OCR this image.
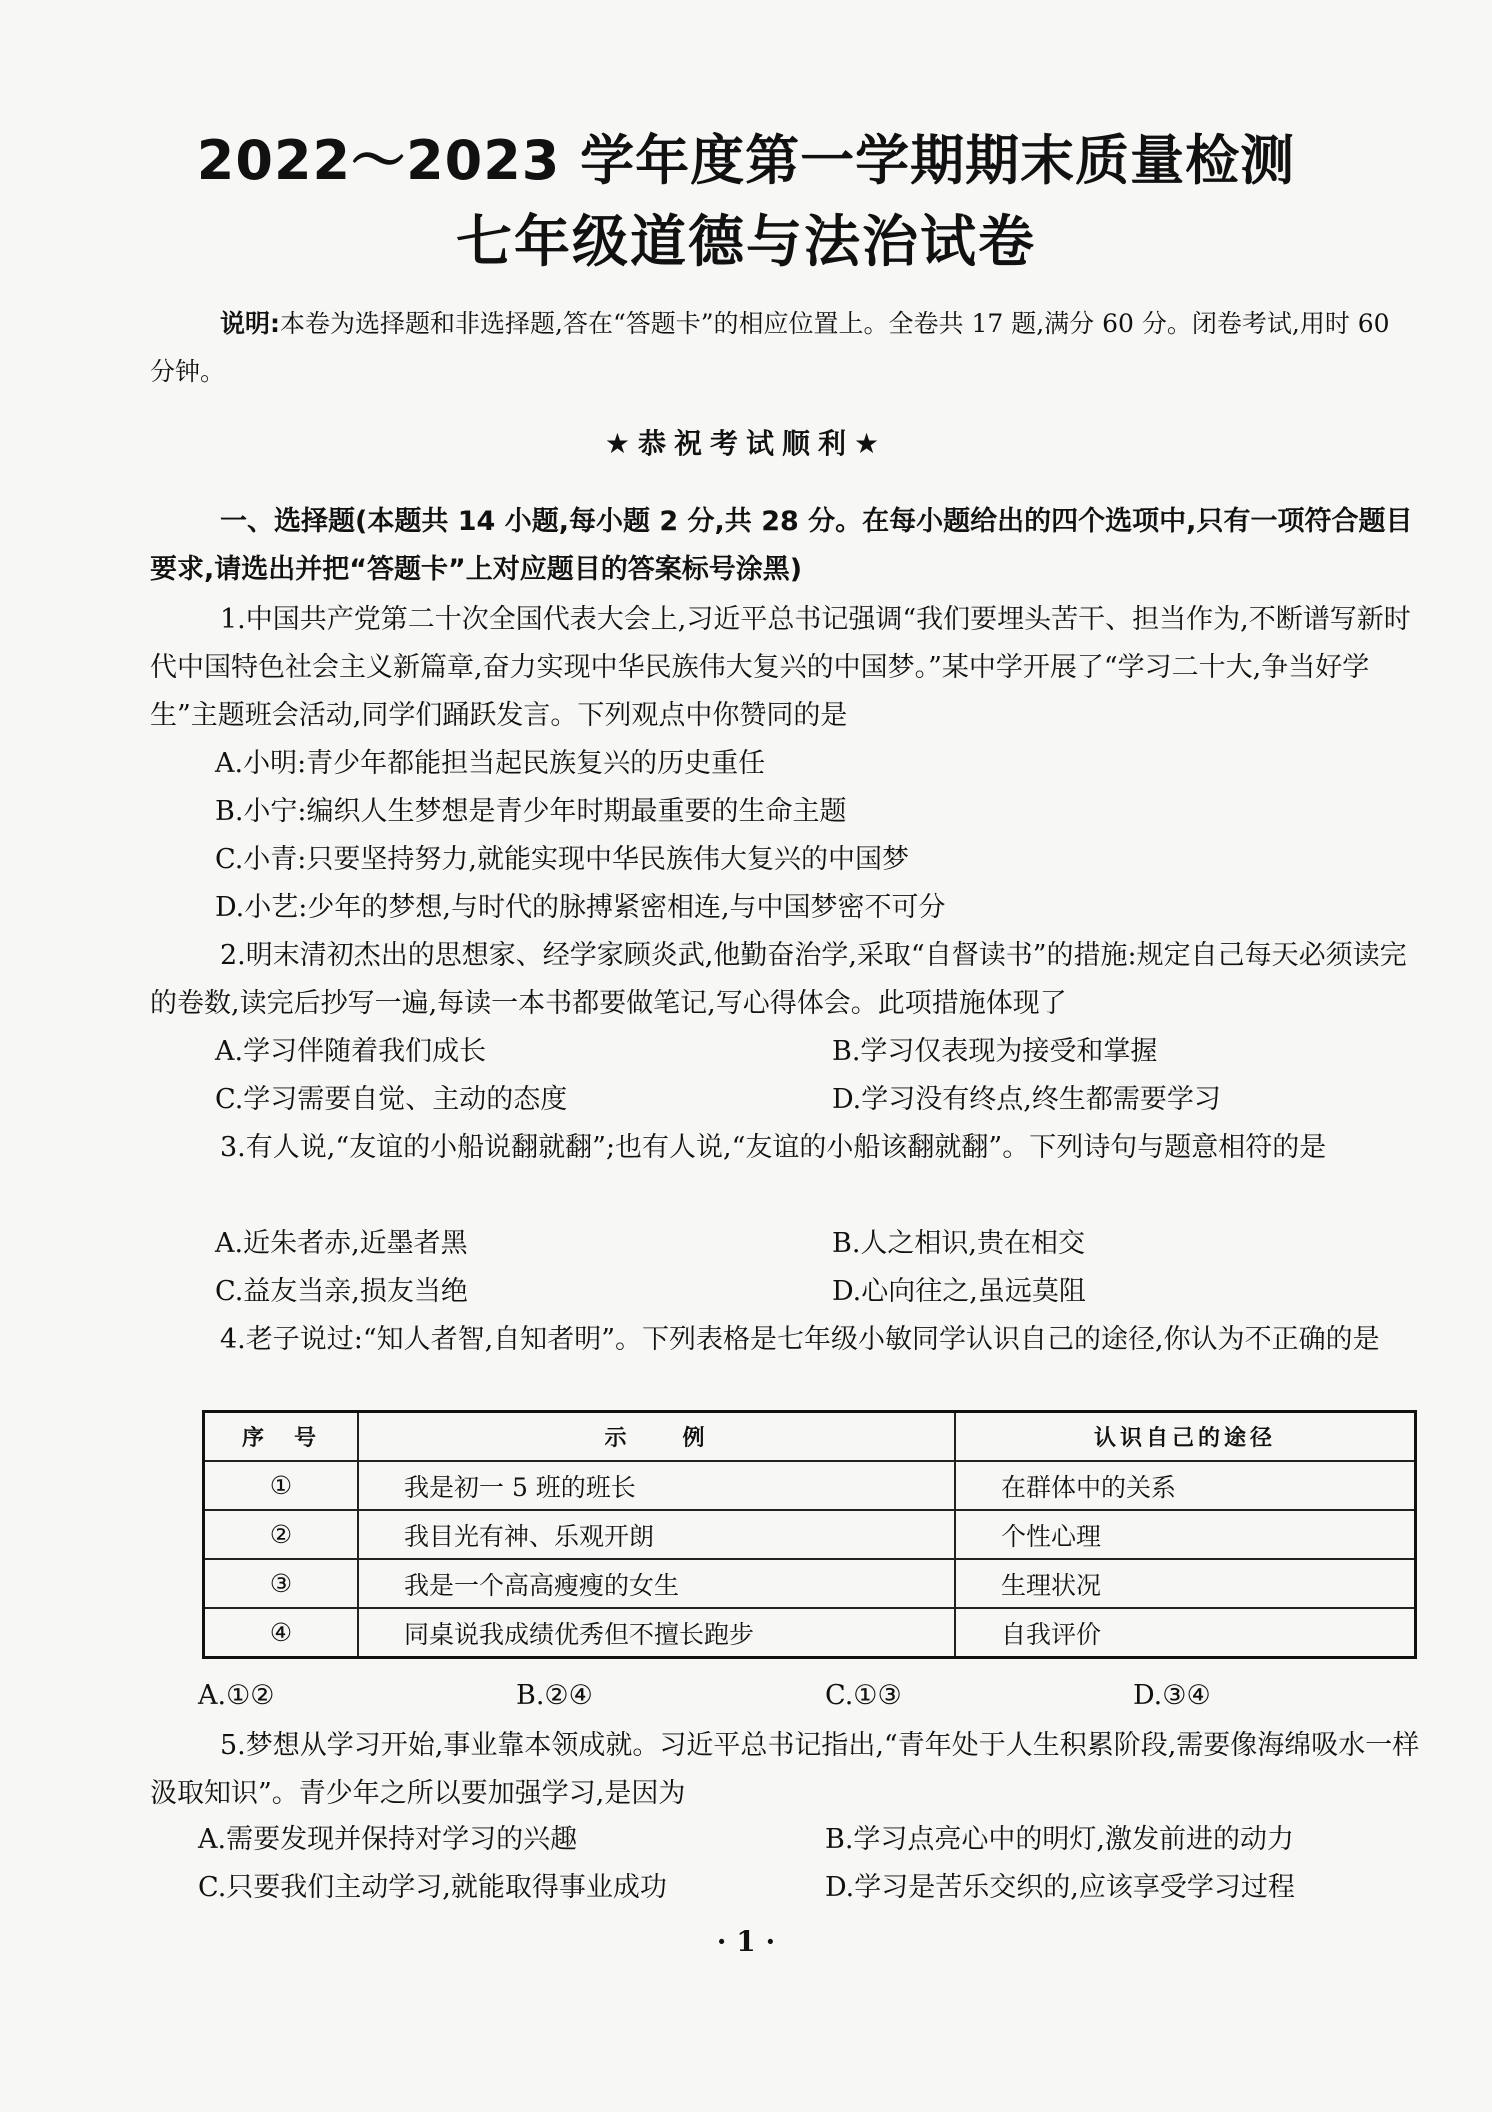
2022～2023 学年度第一学期期末质量检测
七年级道德与法治试卷
说明:本卷为选择题和非选择题,答在“答题卡”的相应位置上。全卷共 17 题,满分 60 分。闭卷考试,用时 60 分钟。
★恭祝考试顺利★
一、选择题(本题共 14 小题,每小题 2 分,共 28 分。在每小题给出的四个选项中,只有一项符合题目要求,请选出并把“答题卡”上对应题目的答案标号涂黑)
1.中国共产党第二十次全国代表大会上,习近平总书记强调“我们要埋头苦干、担当作为,不断谱写新时代中国特色社会主义新篇章,奋力实现中华民族伟大复兴的中国梦。”某中学开展了“学习二十大,争当好学生”主题班会活动,同学们踊跃发言。下列观点中你赞同的是
A.小明:青少年都能担当起民族复兴的历史重任
B.小宁:编织人生梦想是青少年时期最重要的生命主题
C.小青:只要坚持努力,就能实现中华民族伟大复兴的中国梦
D.小艺:少年的梦想,与时代的脉搏紧密相连,与中国梦密不可分
2.明末清初杰出的思想家、经学家顾炎武,他勤奋治学,采取“自督读书”的措施:规定自己每天必须读完的卷数,读完后抄写一遍,每读一本书都要做笔记,写心得体会。此项措施体现了
A.学习伴随着我们成长	B.学习仅表现为接受和掌握
C.学习需要自觉、主动的态度	D.学习没有终点,终生都需要学习
3.有人说,“友谊的小船说翻就翻”;也有人说,“友谊的小船该翻就翻”。下列诗句与题意相符的是
A.近朱者赤,近墨者黑	B.人之相识,贵在相交
C.益友当亲,损友当绝	D.心向往之,虽远莫阻
4.老子说过:“知人者智,自知者明”。下列表格是七年级小敏同学认识自己的途径,你认为不正确的是
序　号	示　　例	认识自己的途径
①	我是初一 5 班的班长	在群体中的关系
②	我目光有神、乐观开朗	个性心理
③	我是一个高高瘦瘦的女生	生理状况
④	同桌说我成绩优秀但不擅长跑步	自我评价
A.①②	B.②④	C.①③	D.③④
5.梦想从学习开始,事业靠本领成就。习近平总书记指出,“青年处于人生积累阶段,需要像海绵吸水一样汲取知识”。青少年之所以要加强学习,是因为
A.需要发现并保持对学习的兴趣	B.学习点亮心中的明灯,激发前进的动力
C.只要我们主动学习,就能取得事业成功	D.学习是苦乐交织的,应该享受学习过程
· 1 ·
